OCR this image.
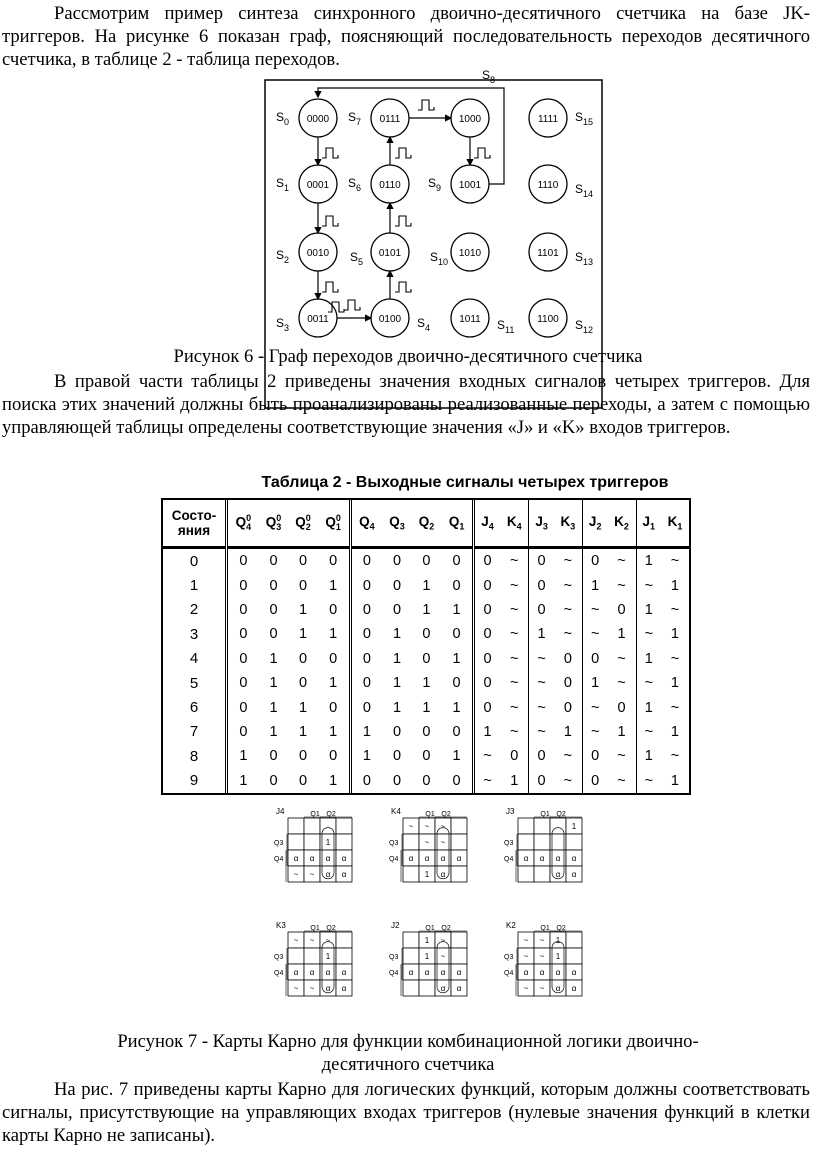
Рассмотрим пример синтеза синхронного двоично-десятичного счетчика на базе JK- триггеров. На рисунке 6 показан граф, поясняющий последовательность переходов десятичного счетчика, в таблице 2 - таблица переходов.
0000
$S_0$
0001
$S_1$
0010
$S_2$
0011
$S_3$
0100 $S_4$
0101
$S_5$
0110
$S_6$
0111
$S_7$	1000
$S_8$
1001
$S_9$
1010
$S_{10}$
1011 $S_{11}$
1100 $S_{12}$
1101 $S_{13}$
1110 $S_{14}$
1111 $S_{15}$
Рисунок 6 - Граф переходов двоично-десятичного счетчика
В правой части таблицы 2 приведены значения входных сигналов четырех триггеров. Для поиска этих значений должны быть проанализированы реализованные переходы, а затем с помощью управляющей таблицы определены соответствующие значения «J» и «K» входов триггеров.
Таблица 2 - Выходные сигналы четырех триггеров
Состо-яния	$Q_4^0$	$Q_3^0$	$Q_2^0$	$Q_1^0$	$Q_4$	$Q_3$	$Q_2$	$Q_1$	$J_4$	$K_4$	$J_3$	$K_3$	$J_2$	$K_2$	$J_1$	$K_1$
0	0	0	0	0	0	0	0	0	0	~	0	~	0	~	1	~
1	0	0	0	1	0	0	1	0	0	~	0	~	1	~	~	1
2	0	0	1	0	0	0	1	1	0	~	0	~	~	0	1	~
3	0	0	1	1	0	1	0	0	0	~	1	~	~	1	~	1
4	0	1	0	0	0	1	0	1	0	~	~	0	0	~	1	~
5	0	1	0	1	0	1	1	0	0	~	~	0	1	~	~	1
6	0	1	1	0	0	1	1	1	0	~	~	0	~	0	1	~
7	0	1	1	1	1	0	0	0	1	~	~	1	~	1	~	1
8	1	0	0	0	1	0	0	1	~	0	0	~	0	~	1	~
9	1	0	0	1	0	0	0	0	~	1	0	~	0	~	~	1
J4	Q1 Q2
Q3
Q4
1
α α α α
~ ~ α α
K4	Q1 Q2
Q3
Q4
~ ~ ~
~ ~
α α α α
1 α
J3	Q1 Q2
Q3
Q4
1
α α α α
α α
K3	Q1 Q2
Q3
Q4
~ ~ ~
1
α α α α
~ ~ α α
J2	Q1 Q2
Q3
Q4
1 ~
1 ~
α α α α
α α
K2	Q1 Q2
Q3
Q4
~ ~ 1
~ ~ 1
α α α α
~ ~ α α
Рисунок 7 - Карты Карно для функции комбинационной логики двоично-
десятичного счетчика
На рис. 7 приведены карты Карно для логических функций, которым должны соответствовать сигналы, присутствующие на управляющих входах триггеров (нулевые значения функций в клетки карты Карно не записаны).
